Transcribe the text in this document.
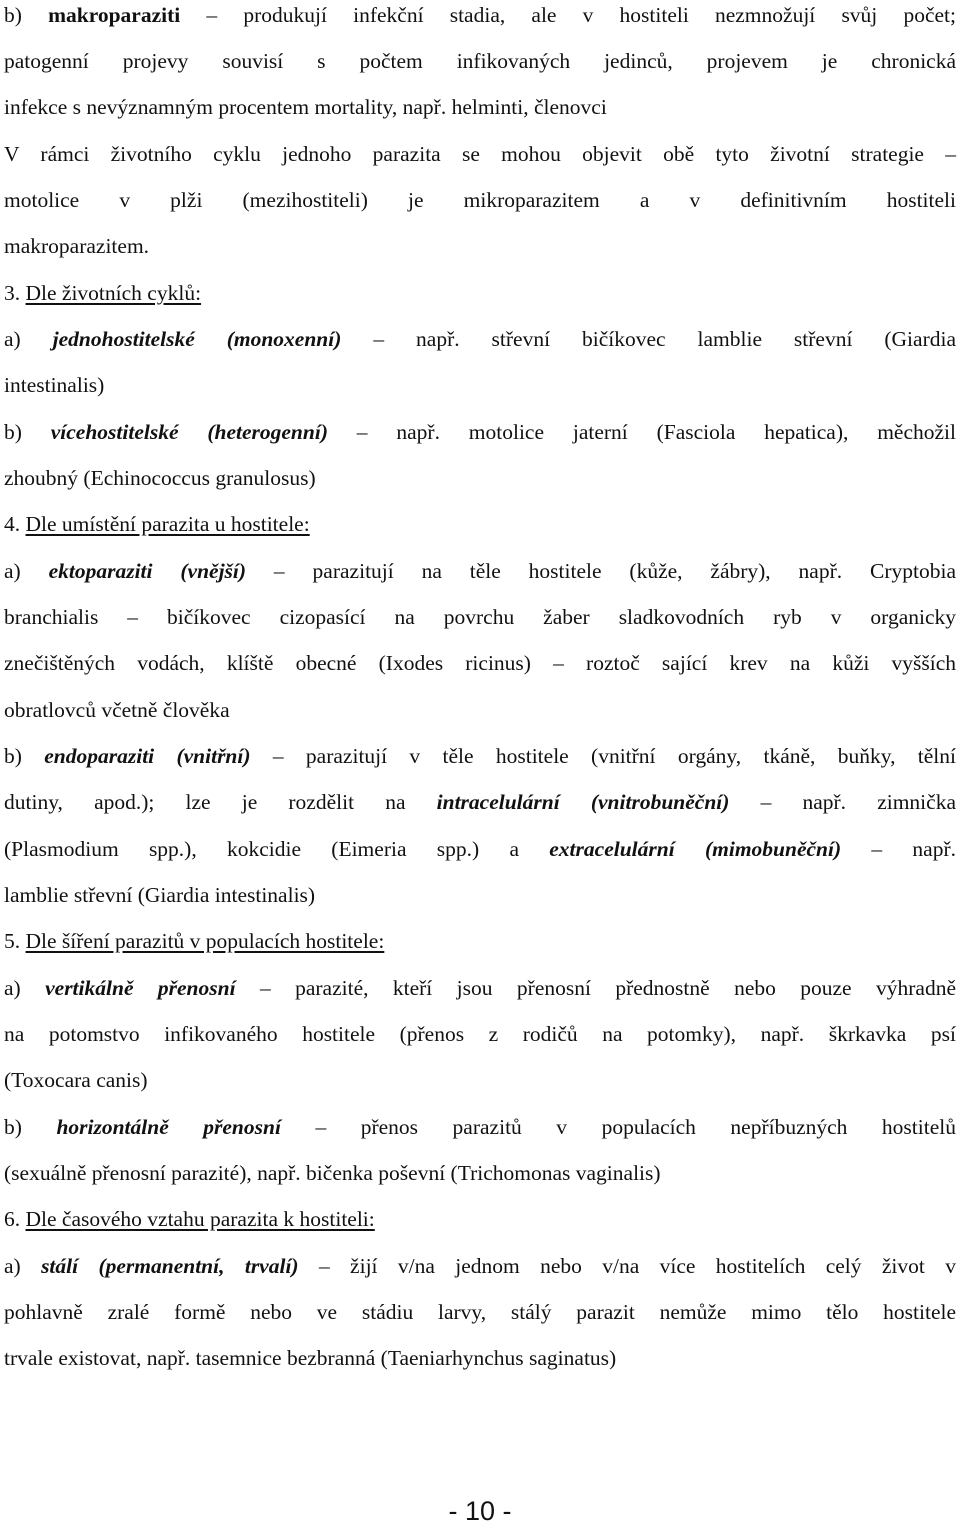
b) makroparaziti – produkují infekční stadia, ale v hostiteli nezmnožují svůj počet;
patogenní projevy souvisí s počtem infikovaných jedinců, projevem je chronická
infekce s nevýznamným procentem mortality, např. helminti, členovci
V rámci životního cyklu jednoho parazita se mohou objevit obě tyto životní strategie –
motolice v plži (mezihostiteli) je mikroparazitem a v definitivním hostiteli
makroparazitem.
3. Dle životních cyklů:
a) jednohostitelské (monoxenní) – např. střevní bičíkovec lamblie střevní (Giardia
intestinalis)
b) vícehostitelské (heterogenní) – např. motolice jaterní (Fasciola hepatica), měchožil
zhoubný (Echinococcus granulosus)
4. Dle umístění parazita u hostitele:
a) ektoparaziti (vnější) – parazitují na těle hostitele (kůže, žábry), např. Cryptobia
branchialis – bičíkovec cizopasící na povrchu žaber sladkovodních ryb v organicky
znečištěných vodách, klíště obecné (Ixodes ricinus) – roztoč sající krev na kůži vyšších
obratlovců včetně člověka
b) endoparaziti (vnitřní) – parazitují v těle hostitele (vnitřní orgány, tkáně, buňky, tělní
dutiny, apod.); lze je rozdělit na intracelulární (vnitrobuněční) – např. zimnička
(Plasmodium spp.), kokcidie (Eimeria spp.) a extracelulární (mimobuněční) – např.
lamblie střevní (Giardia intestinalis)
5. Dle šíření parazitů v populacích hostitele:
a) vertikálně přenosní – parazité, kteří jsou přenosní přednostně nebo pouze výhradně
na potomstvo infikovaného hostitele (přenos z rodičů na potomky), např. škrkavka psí
(Toxocara canis)
b) horizontálně přenosní – přenos parazitů v populacích nepříbuzných hostitelů
(sexuálně přenosní parazité), např. bičenka poševní (Trichomonas vaginalis)
6. Dle časového vztahu parazita k hostiteli:
a) stálí (permanentní, trvalí) – žijí v/na jednom nebo v/na více hostitelích celý život v
pohlavně zralé formě nebo ve stádiu larvy, stálý parazit nemůže mimo tělo hostitele
trvale existovat, např. tasemnice bezbranná (Taeniarhynchus saginatus)
- 10 -
